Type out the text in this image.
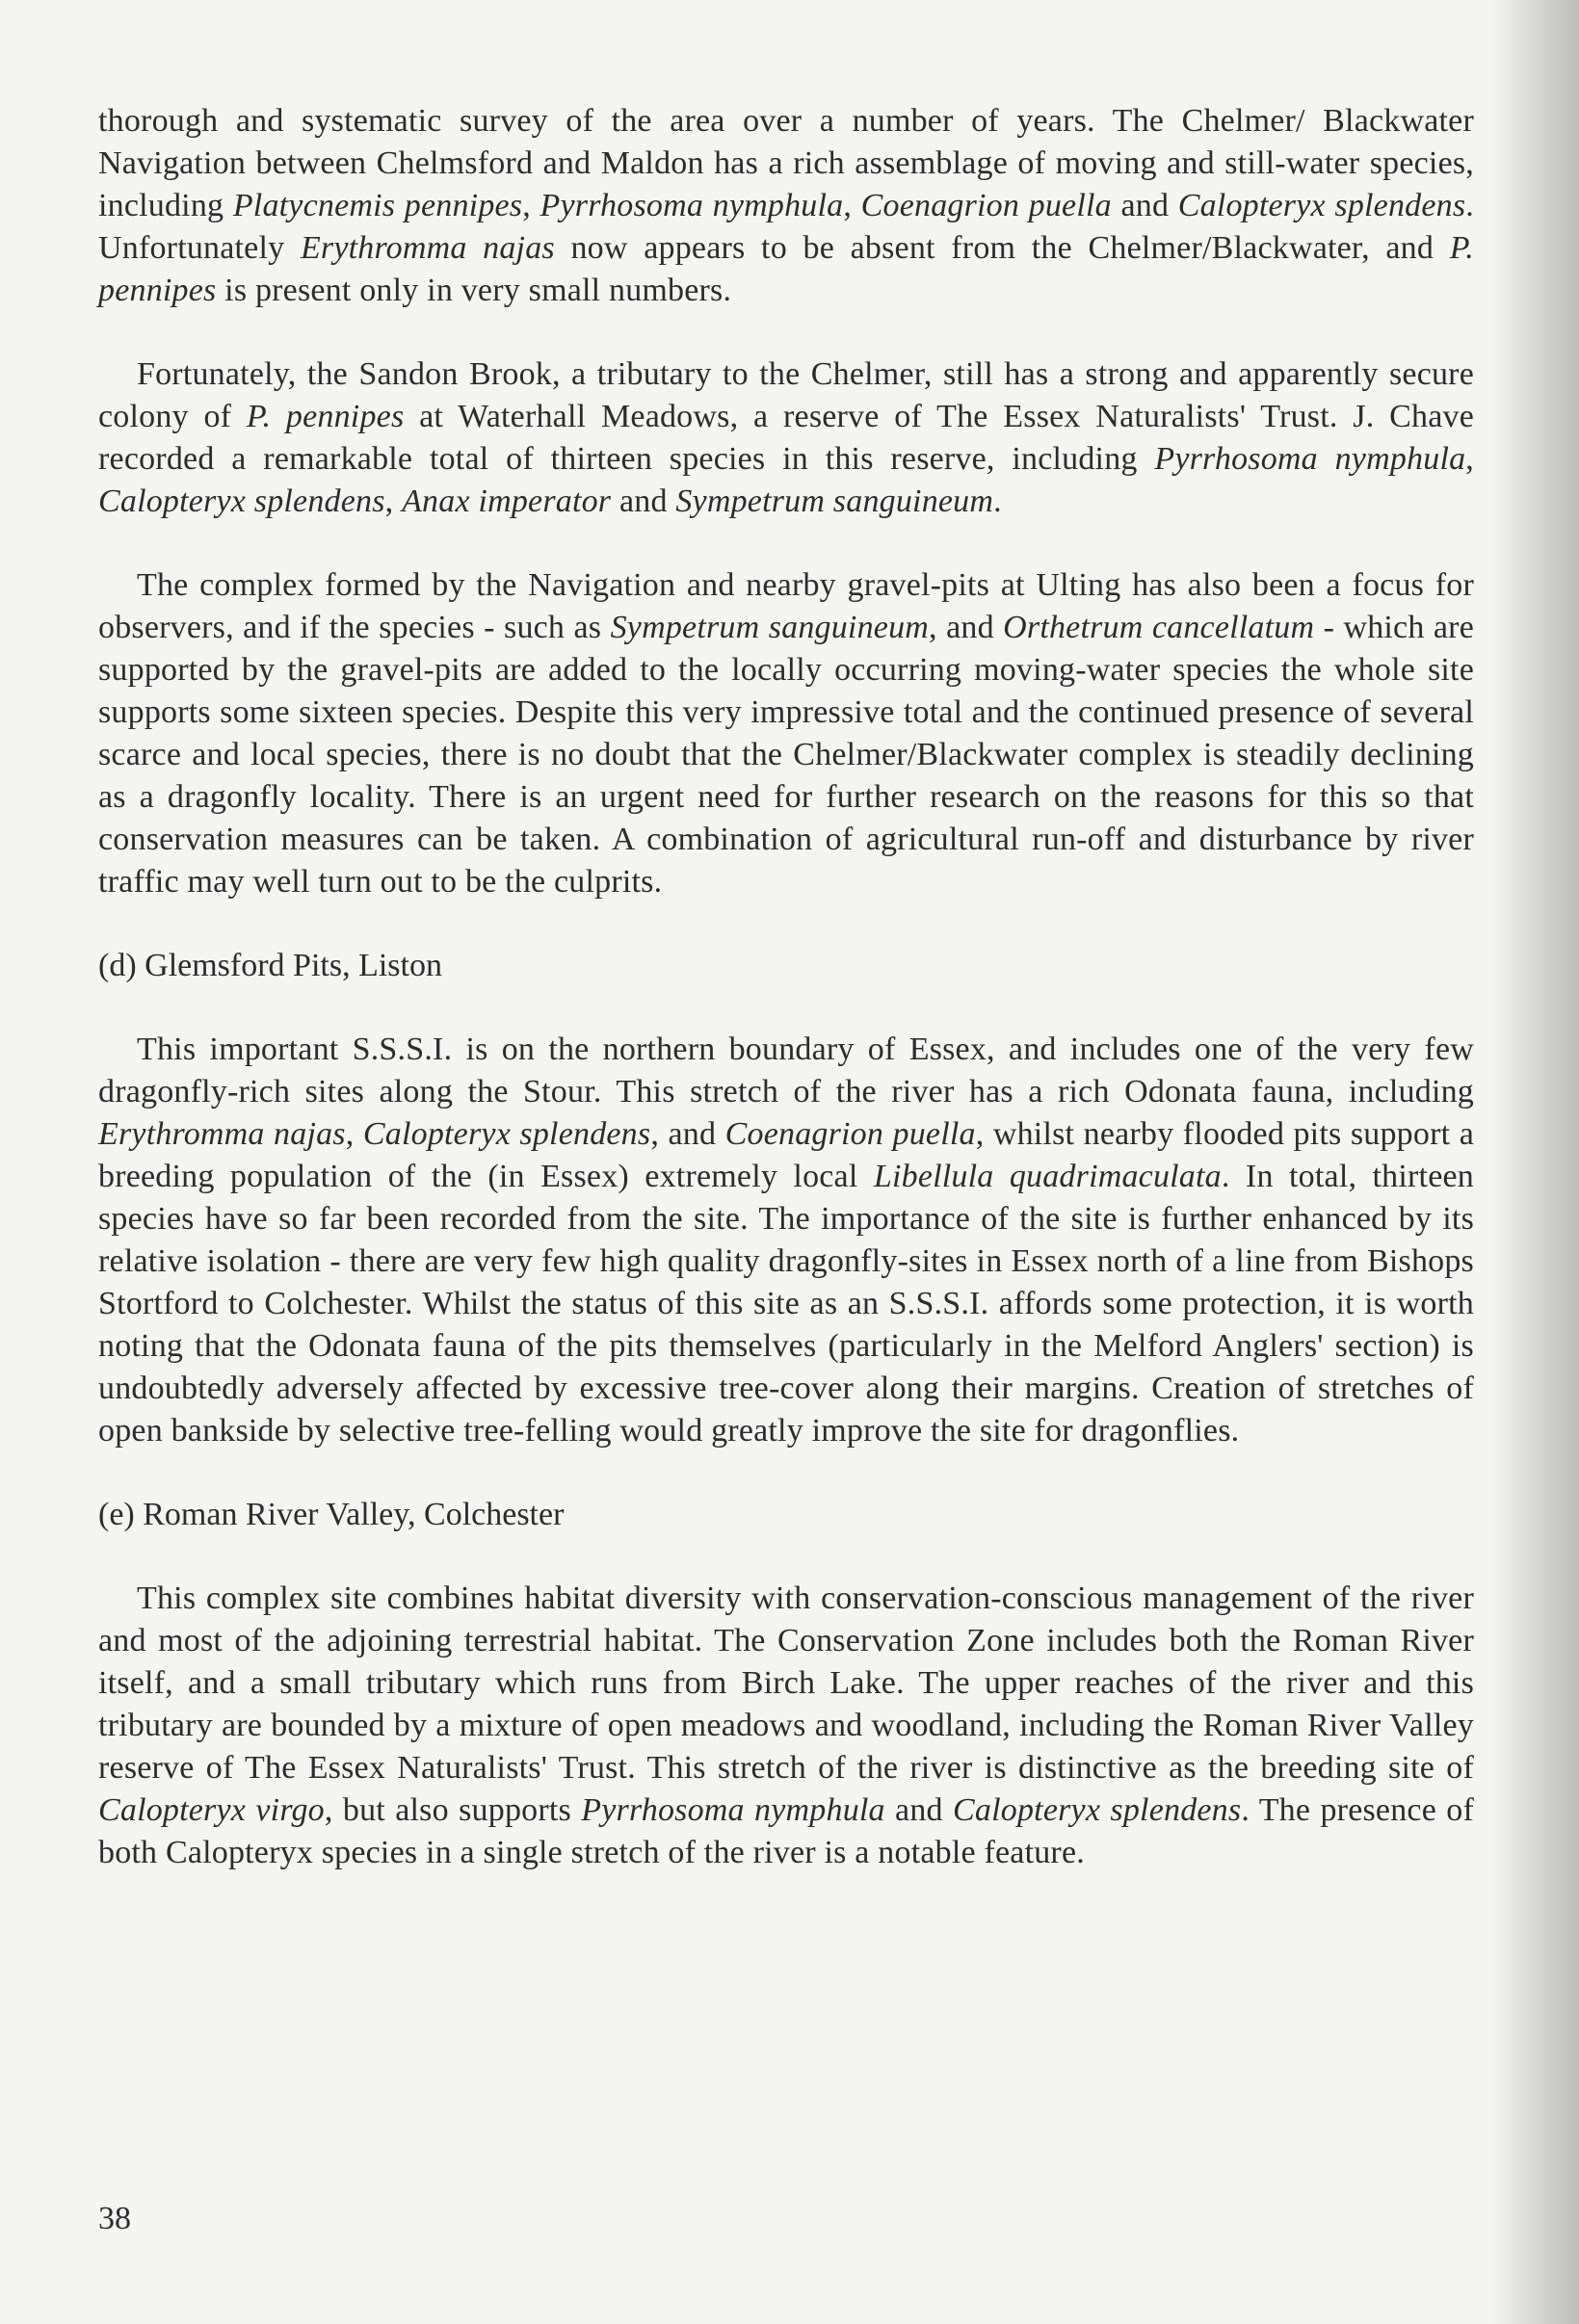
thorough and systematic survey of the area over a number of years. The Chelmer/ Blackwater Navigation between Chelmsford and Maldon has a rich assemblage of moving and still-water species, including Platycnemis pennipes, Pyrrhosoma nymphula, Coenagrion puella and Calopteryx splendens. Unfortunately Erythromma najas now appears to be absent from the Chelmer/Blackwater, and P. pennipes is present only in very small numbers.

Fortunately, the Sandon Brook, a tributary to the Chelmer, still has a strong and apparently secure colony of P. pennipes at Waterhall Meadows, a reserve of The Essex Naturalists' Trust. J. Chave recorded a remarkable total of thirteen species in this reserve, including Pyrrhosoma nymphula, Calopteryx splendens, Anax imperator and Sympetrum sanguineum.

The complex formed by the Navigation and nearby gravel-pits at Ulting has also been a focus for observers, and if the species - such as Sympetrum sanguineum, and Orthetrum cancellatum - which are supported by the gravel-pits are added to the locally occurring moving-water species the whole site supports some sixteen species. Despite this very impressive total and the continued presence of several scarce and local species, there is no doubt that the Chelmer/Blackwater complex is steadily declining as a dragonfly locality. There is an urgent need for further research on the reasons for this so that conservation measures can be taken. A combination of agricultural run-off and disturbance by river traffic may well turn out to be the culprits.

(d) Glemsford Pits, Liston

This important S.S.S.I. is on the northern boundary of Essex, and includes one of the very few dragonfly-rich sites along the Stour. This stretch of the river has a rich Odonata fauna, including Erythromma najas, Calopteryx splendens, and Coenagrion puella, whilst nearby flooded pits support a breeding population of the (in Essex) extremely local Libellula quadrimaculata. In total, thirteen species have so far been recorded from the site. The importance of the site is further enhanced by its relative isolation - there are very few high quality dragonfly-sites in Essex north of a line from Bishops Stortford to Colchester. Whilst the status of this site as an S.S.S.I. affords some protection, it is worth noting that the Odonata fauna of the pits themselves (particularly in the Melford Anglers' section) is undoubtedly adversely affected by excessive tree-cover along their margins. Creation of stretches of open bankside by selective tree-felling would greatly improve the site for dragonflies.

(e) Roman River Valley, Colchester

This complex site combines habitat diversity with conservation-conscious management of the river and most of the adjoining terrestrial habitat. The Conservation Zone includes both the Roman River itself, and a small tributary which runs from Birch Lake. The upper reaches of the river and this tributary are bounded by a mixture of open meadows and woodland, including the Roman River Valley reserve of The Essex Naturalists' Trust. This stretch of the river is distinctive as the breeding site of Calopteryx virgo, but also supports Pyrrhosoma nymphula and Calopteryx splendens. The presence of both Calopteryx species in a single stretch of the river is a notable feature.

38
